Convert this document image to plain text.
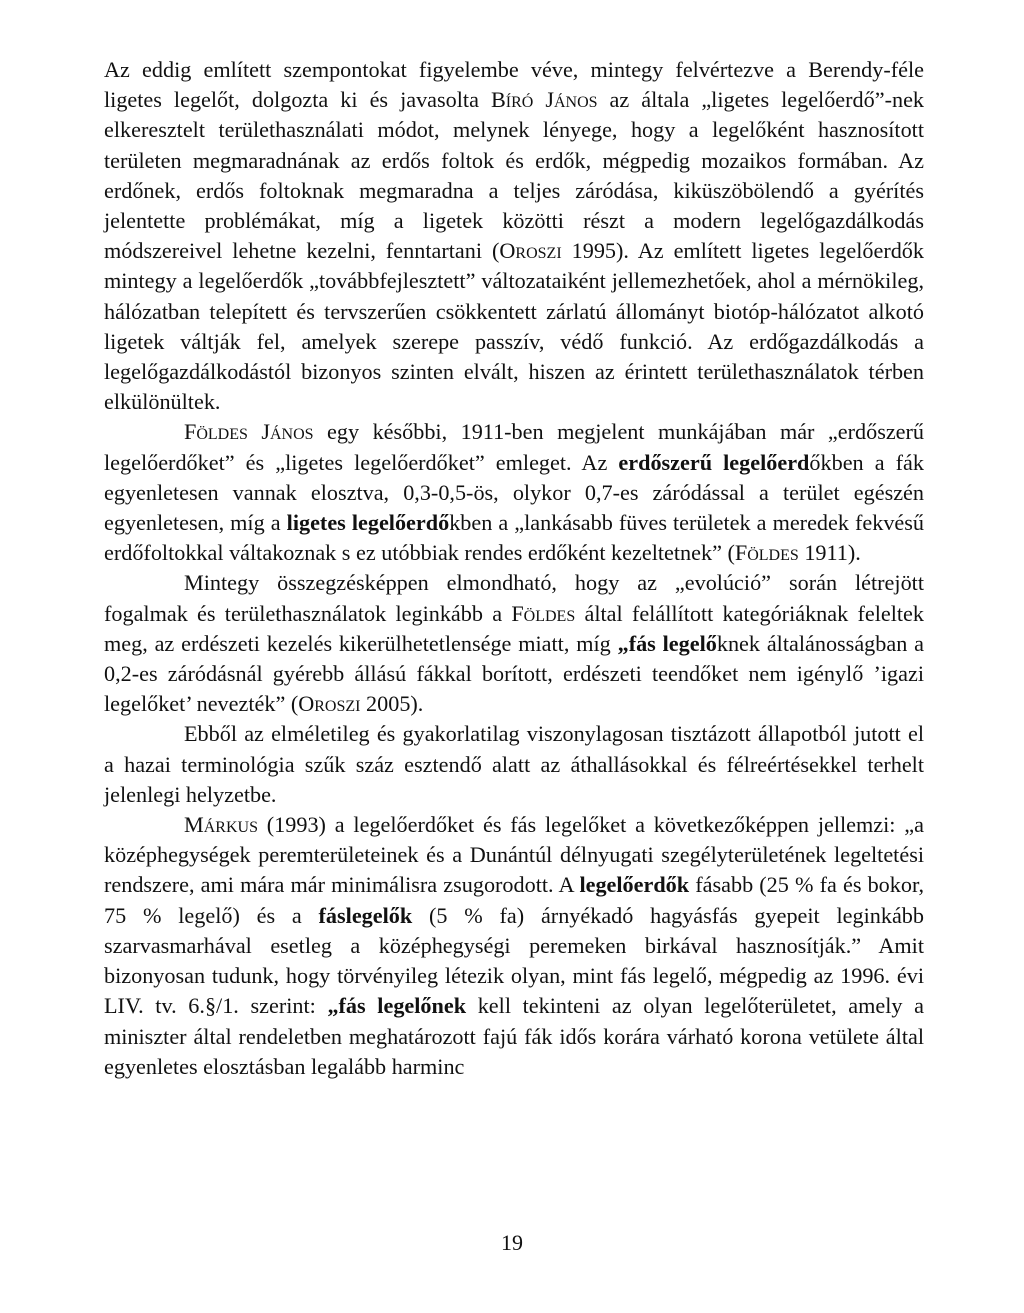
Az eddig említett szempontokat figyelembe véve, mintegy felvértezve a Berendy-féle ligetes legelőt, dolgozta ki és javasolta Bíró János az általa „ligetes legelőerdő”-nek elkeresztelt területhasználati módot, melynek lényege, hogy a legelőként hasznosított területen megmaradnának az erdős foltok és erdők, mégpedig mozaikos formában. Az erdőnek, erdős foltoknak megmaradna a teljes záródása, kiküszöbölendő a gyérítés jelentette problémákat, míg a ligetek közötti részt a modern legelőgazdálkodás módszereivel lehetne kezelni, fenntartani (Oroszi 1995). Az említett ligetes legelőerdők mintegy a legelőerdők „továbbfejlesztett” változataiként jellemezhetőek, ahol a mérnökileg, hálózatban telepített és tervszerűen csökkentett zárlatú állományt biotóp-hálózatot alkotó ligetek váltják fel, amelyek szerepe passzív, védő funkció. Az erdőgazdálkodás a legelőgazdálkodástól bizonyos szinten elvált, hiszen az érintett területhasználatok térben elkülönültek.

Földes János egy későbbi, 1911-ben megjelent munkájában már „erdőszerű legelőerdőket” és „ligetes legelőerdőket” emleget. Az erdőszerű legelőerdőkben a fák egyenletesen vannak elosztva, 0,3-0,5-ös, olykor 0,7-es záródással a terület egészén egyenletesen, míg a ligetes legelőerdőkben a „lankásabb füves területek a meredek fekvésű erdőfoltokkal váltakoznak s ez utóbbiak rendes erdőként kezeltetnek” (Földes 1911).

Mintegy összegzésképpen elmondható, hogy az „evolúció” során létrejött fogalmak és területhasználatok leginkább a Földes által felállított kategóriáknak feleltek meg, az erdészeti kezelés kikerülhetetlensége miatt, míg „fás legelőknek általánosságban a 0,2-es záródásnál gyérebb állású fákkal borított, erdészeti teendőket nem igénylő ’igazi legelőket’ nevezték” (Oroszi 2005).

Ebből az elméletileg és gyakorlatilag viszonylagosan tisztázott állapotból jutott el a hazai terminológia szűk száz esztendő alatt az áthallásokkal és félreértésekkel terhelt jelenlegi helyzetbe.

Márkus (1993) a legelőerdőket és fás legelőket a következőképpen jellemzi: „a középhegységek peremterületeinek és a Dunántúl délnyugati szegélyterületének legeltetési rendszere, ami mára már minimálisra zsugorodott. A legelőerdők fásabb (25 % fa és bokor, 75 % legelő) és a fáslegelők (5 % fa) árnyékadó hagyásfás gyepeit leginkább szarvasmarhával esetleg a középhegységi peremeken birkával hasznosítják.” Amit bizonyosan tudunk, hogy törvényileg létezik olyan, mint fás legelő, mégpedig az 1996. évi LIV. tv. 6.§/1. szerint: „fás legelőnek kell tekinteni az olyan legelőterületet, amely a miniszter által rendeletben meghatározott fajú fák idős korára várható korona vetülete által egyenletes elosztásban legalább harminc

19
